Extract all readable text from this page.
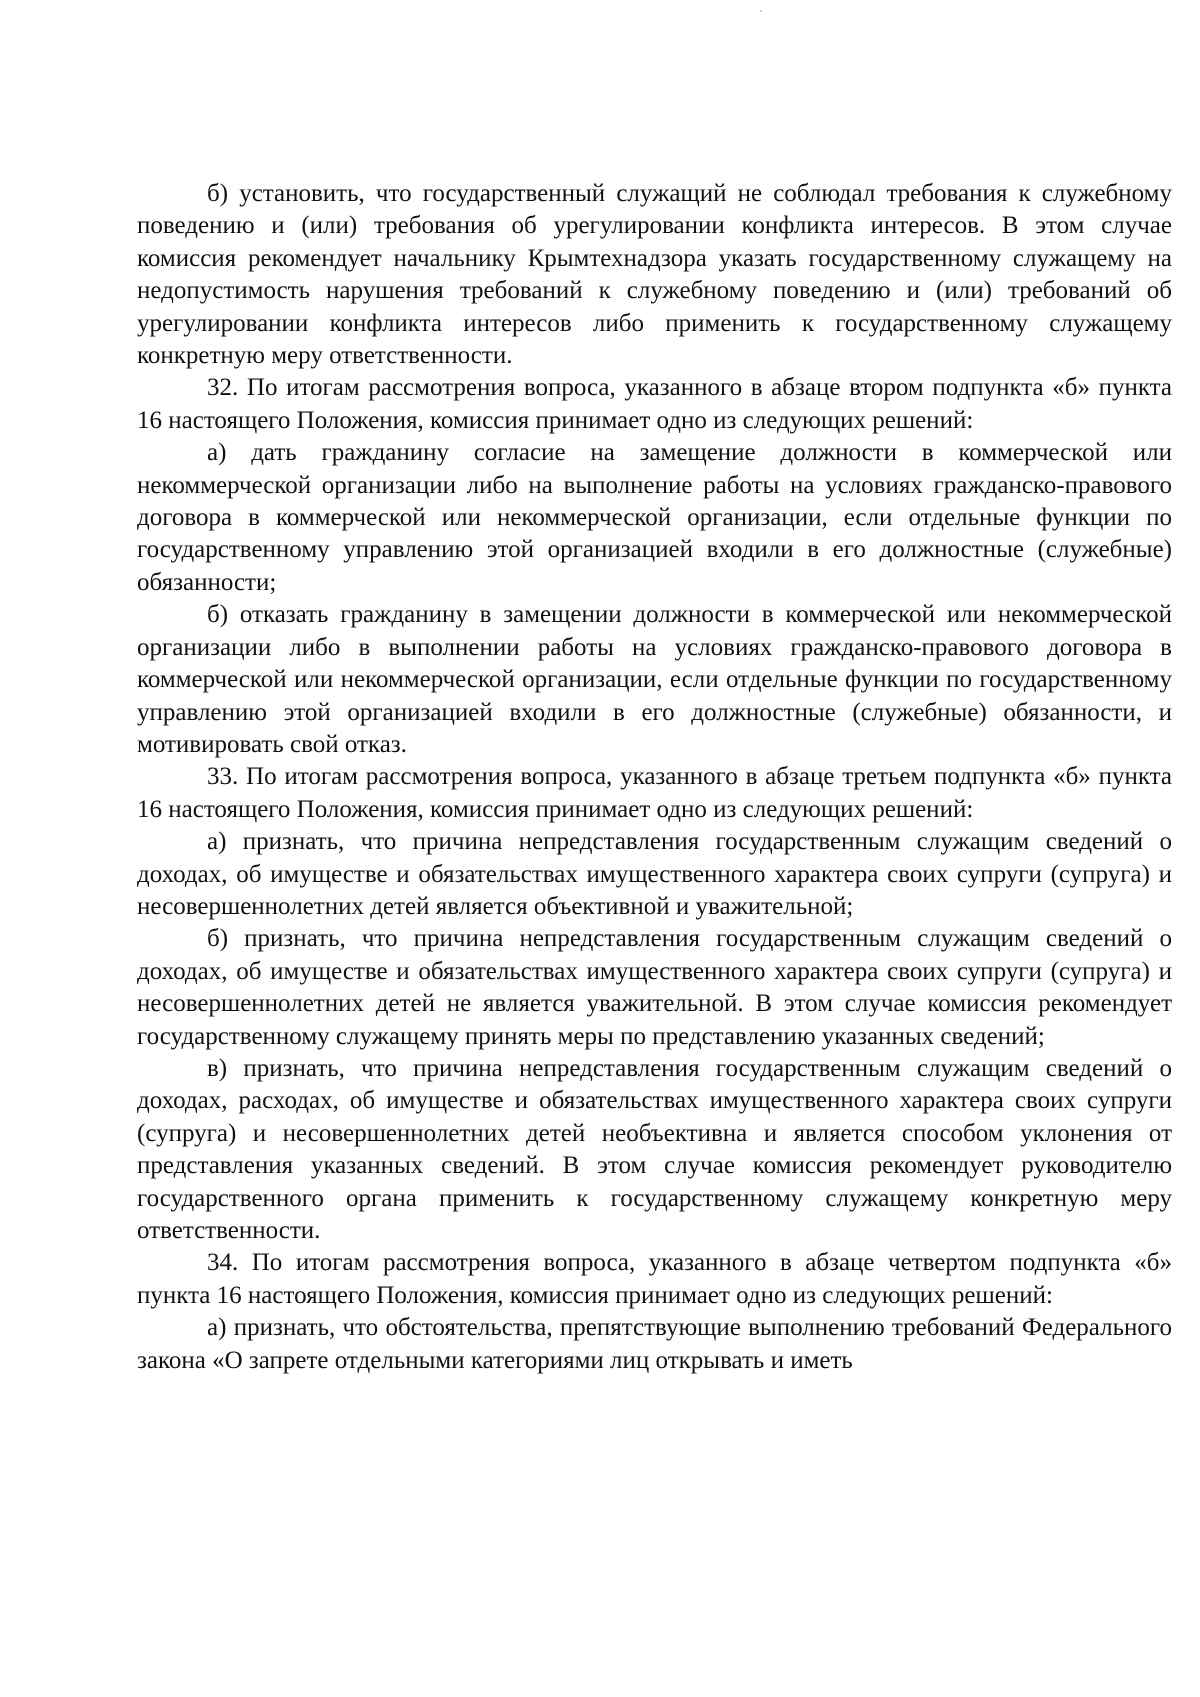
б) установить, что государственный служащий не соблюдал требования к служебному поведению и (или) требования об урегулировании конфликта интересов. В этом случае комиссия рекомендует начальнику Крымтехнадзора указать государственному служащему на недопустимость нарушения требований к служебному поведению и (или) требований об урегулировании конфликта интересов либо применить к государственному служащему конкретную меру ответственности.

32. По итогам рассмотрения вопроса, указанного в абзаце втором подпункта «б» пункта 16 настоящего Положения, комиссия принимает одно из следующих решений:

а) дать гражданину согласие на замещение должности в коммерческой или некоммерческой организации либо на выполнение работы на условиях гражданско-правового договора в коммерческой или некоммерческой организации, если отдельные функции по государственному управлению этой организацией входили в его должностные (служебные) обязанности;

б) отказать гражданину в замещении должности в коммерческой или некоммерческой организации либо в выполнении работы на условиях гражданско-правового договора в коммерческой или некоммерческой организации, если отдельные функции по государственному управлению этой организацией входили в его должностные (служебные) обязанности, и мотивировать свой отказ.

33. По итогам рассмотрения вопроса, указанного в абзаце третьем подпункта «б» пункта 16 настоящего Положения, комиссия принимает одно из следующих решений:

а) признать, что причина непредставления государственным служащим сведений о доходах, об имуществе и обязательствах имущественного характера своих супруги (супруга) и несовершеннолетних детей является объективной и уважительной;

б) признать, что причина непредставления государственным служащим сведений о доходах, об имуществе и обязательствах имущественного характера своих супруги (супруга) и несовершеннолетних детей не является уважительной. В этом случае комиссия рекомендует государственному служащему принять меры по представлению указанных сведений;

в) признать, что причина непредставления государственным служащим сведений о доходах, расходах, об имуществе и обязательствах имущественного характера своих супруги (супруга) и несовершеннолетних детей необъективна и является способом уклонения от представления указанных сведений. В этом случае комиссия рекомендует руководителю государственного органа применить к государственному служащему конкретную меру ответственности.

34. По итогам рассмотрения вопроса, указанного в абзаце четвертом подпункта «б» пункта 16 настоящего Положения, комиссия принимает одно из следующих решений:

а) признать, что обстоятельства, препятствующие выполнению требований Федерального закона «О запрете отдельными категориями лиц открывать и иметь
